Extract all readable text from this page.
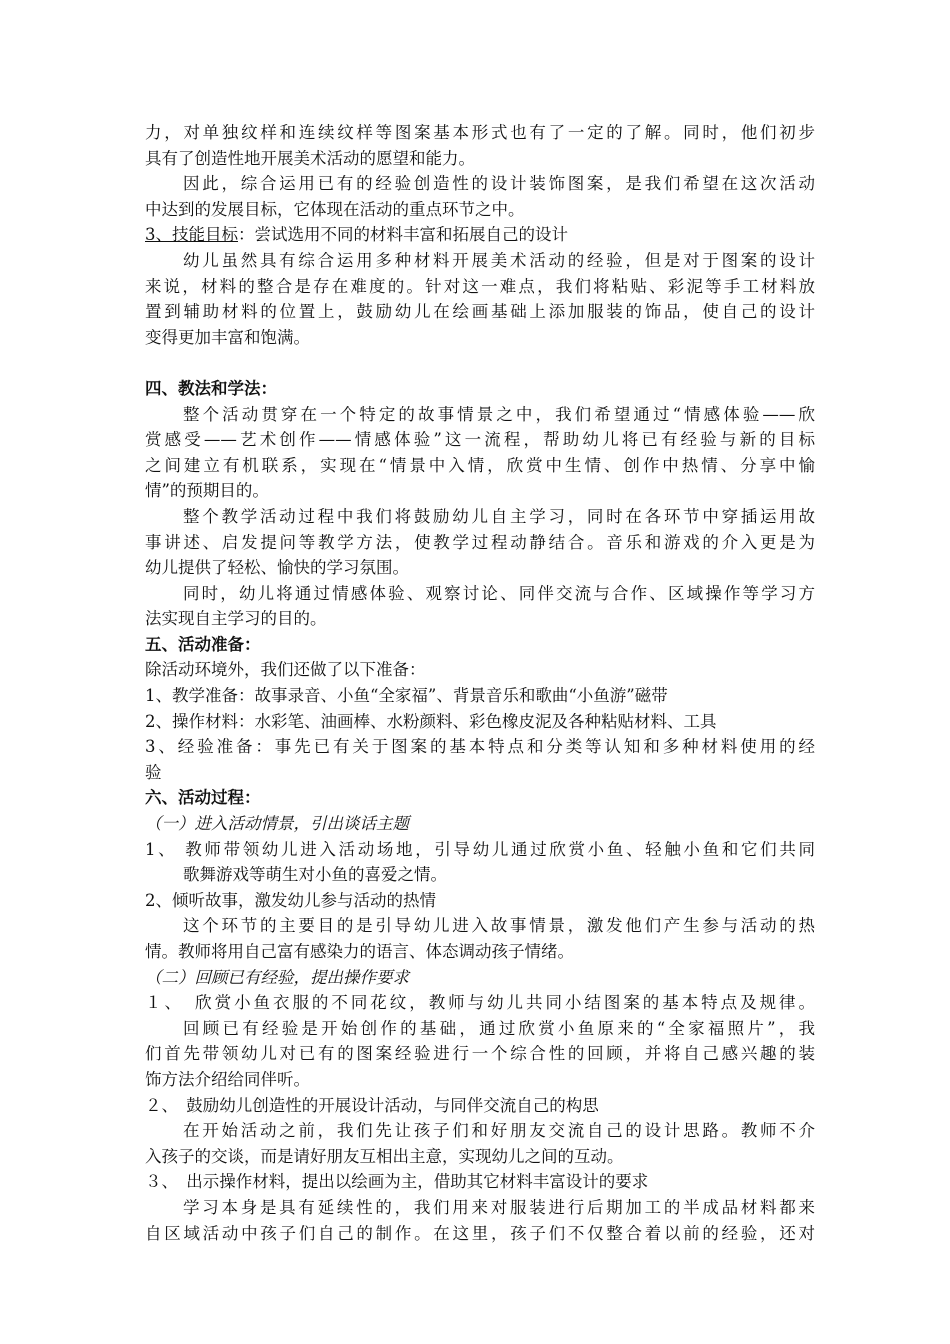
力，对单独纹样和连续纹样等图案基本形式也有了一定的了解。同时，他们初步
具有了创造性地开展美术活动的愿望和能力。
因此，综合运用已有的经验创造性的设计装饰图案，是我们希望在这次活动
中达到的发展目标，它体现在活动的重点环节之中。
3、技能目标：尝试选用不同的材料丰富和拓展自己的设计
幼儿虽然具有综合运用多种材料开展美术活动的经验，但是对于图案的设计
来说，材料的整合是存在难度的。针对这一难点，我们将粘贴、彩泥等手工材料放
置到辅助材料的位置上，鼓励幼儿在绘画基础上添加服装的饰品，使自己的设计
变得更加丰富和饱满。
四、教法和学法：
整个活动贯穿在一个特定的故事情景之中，我们希望通过“情感体验——欣
赏感受——艺术创作——情感体验”这一流程，帮助幼儿将已有经验与新的目标
之间建立有机联系，实现在“情景中入情，欣赏中生情、创作中热情、分享中愉
情”的预期目的。
整个教学活动过程中我们将鼓励幼儿自主学习，同时在各环节中穿插运用故
事讲述、启发提问等教学方法，使教学过程动静结合。音乐和游戏的介入更是为
幼儿提供了轻松、愉快的学习氛围。
同时，幼儿将通过情感体验、观察讨论、同伴交流与合作、区域操作等学习方
法实现自主学习的目的。
五、活动准备：
除活动环境外，我们还做了以下准备：
1、教学准备：故事录音、小鱼“全家福”、背景音乐和歌曲“小鱼游”磁带
2、操作材料：水彩笔、油画棒、水粉颜料、彩色橡皮泥及各种粘贴材料、工具
3、经验准备：事先已有关于图案的基本特点和分类等认知和多种材料使用的经
验
六、活动过程：
（一）进入活动情景，引出谈话主题
1、 教师带领幼儿进入活动场地，引导幼儿通过欣赏小鱼、轻触小鱼和它们共同
歌舞游戏等萌生对小鱼的喜爱之情。
2、倾听故事，激发幼儿参与活动的热情
这个环节的主要目的是引导幼儿进入故事情景，激发他们产生参与活动的热
情。教师将用自己富有感染力的语言、体态调动孩子情绪。
（二）回顾已有经验，提出操作要求
１、　欣赏小鱼衣服的不同花纹，教师与幼儿共同小结图案的基本特点及规律。
回顾已有经验是开始创作的基础，通过欣赏小鱼原来的“全家福照片”，我
们首先带领幼儿对已有的图案经验进行一个综合性的回顾，并将自己感兴趣的装
饰方法介绍给同伴听。
２、　鼓励幼儿创造性的开展设计活动，与同伴交流自己的构思
在开始活动之前，我们先让孩子们和好朋友交流自己的设计思路。教师不介
入孩子的交谈，而是请好朋友互相出主意，实现幼儿之间的互动。
３、　出示操作材料，提出以绘画为主，借助其它材料丰富设计的要求
学习本身是具有延续性的，我们用来对服装进行后期加工的半成品材料都来
自区域活动中孩子们自己的制作。在这里，孩子们不仅整合着以前的经验，还对
